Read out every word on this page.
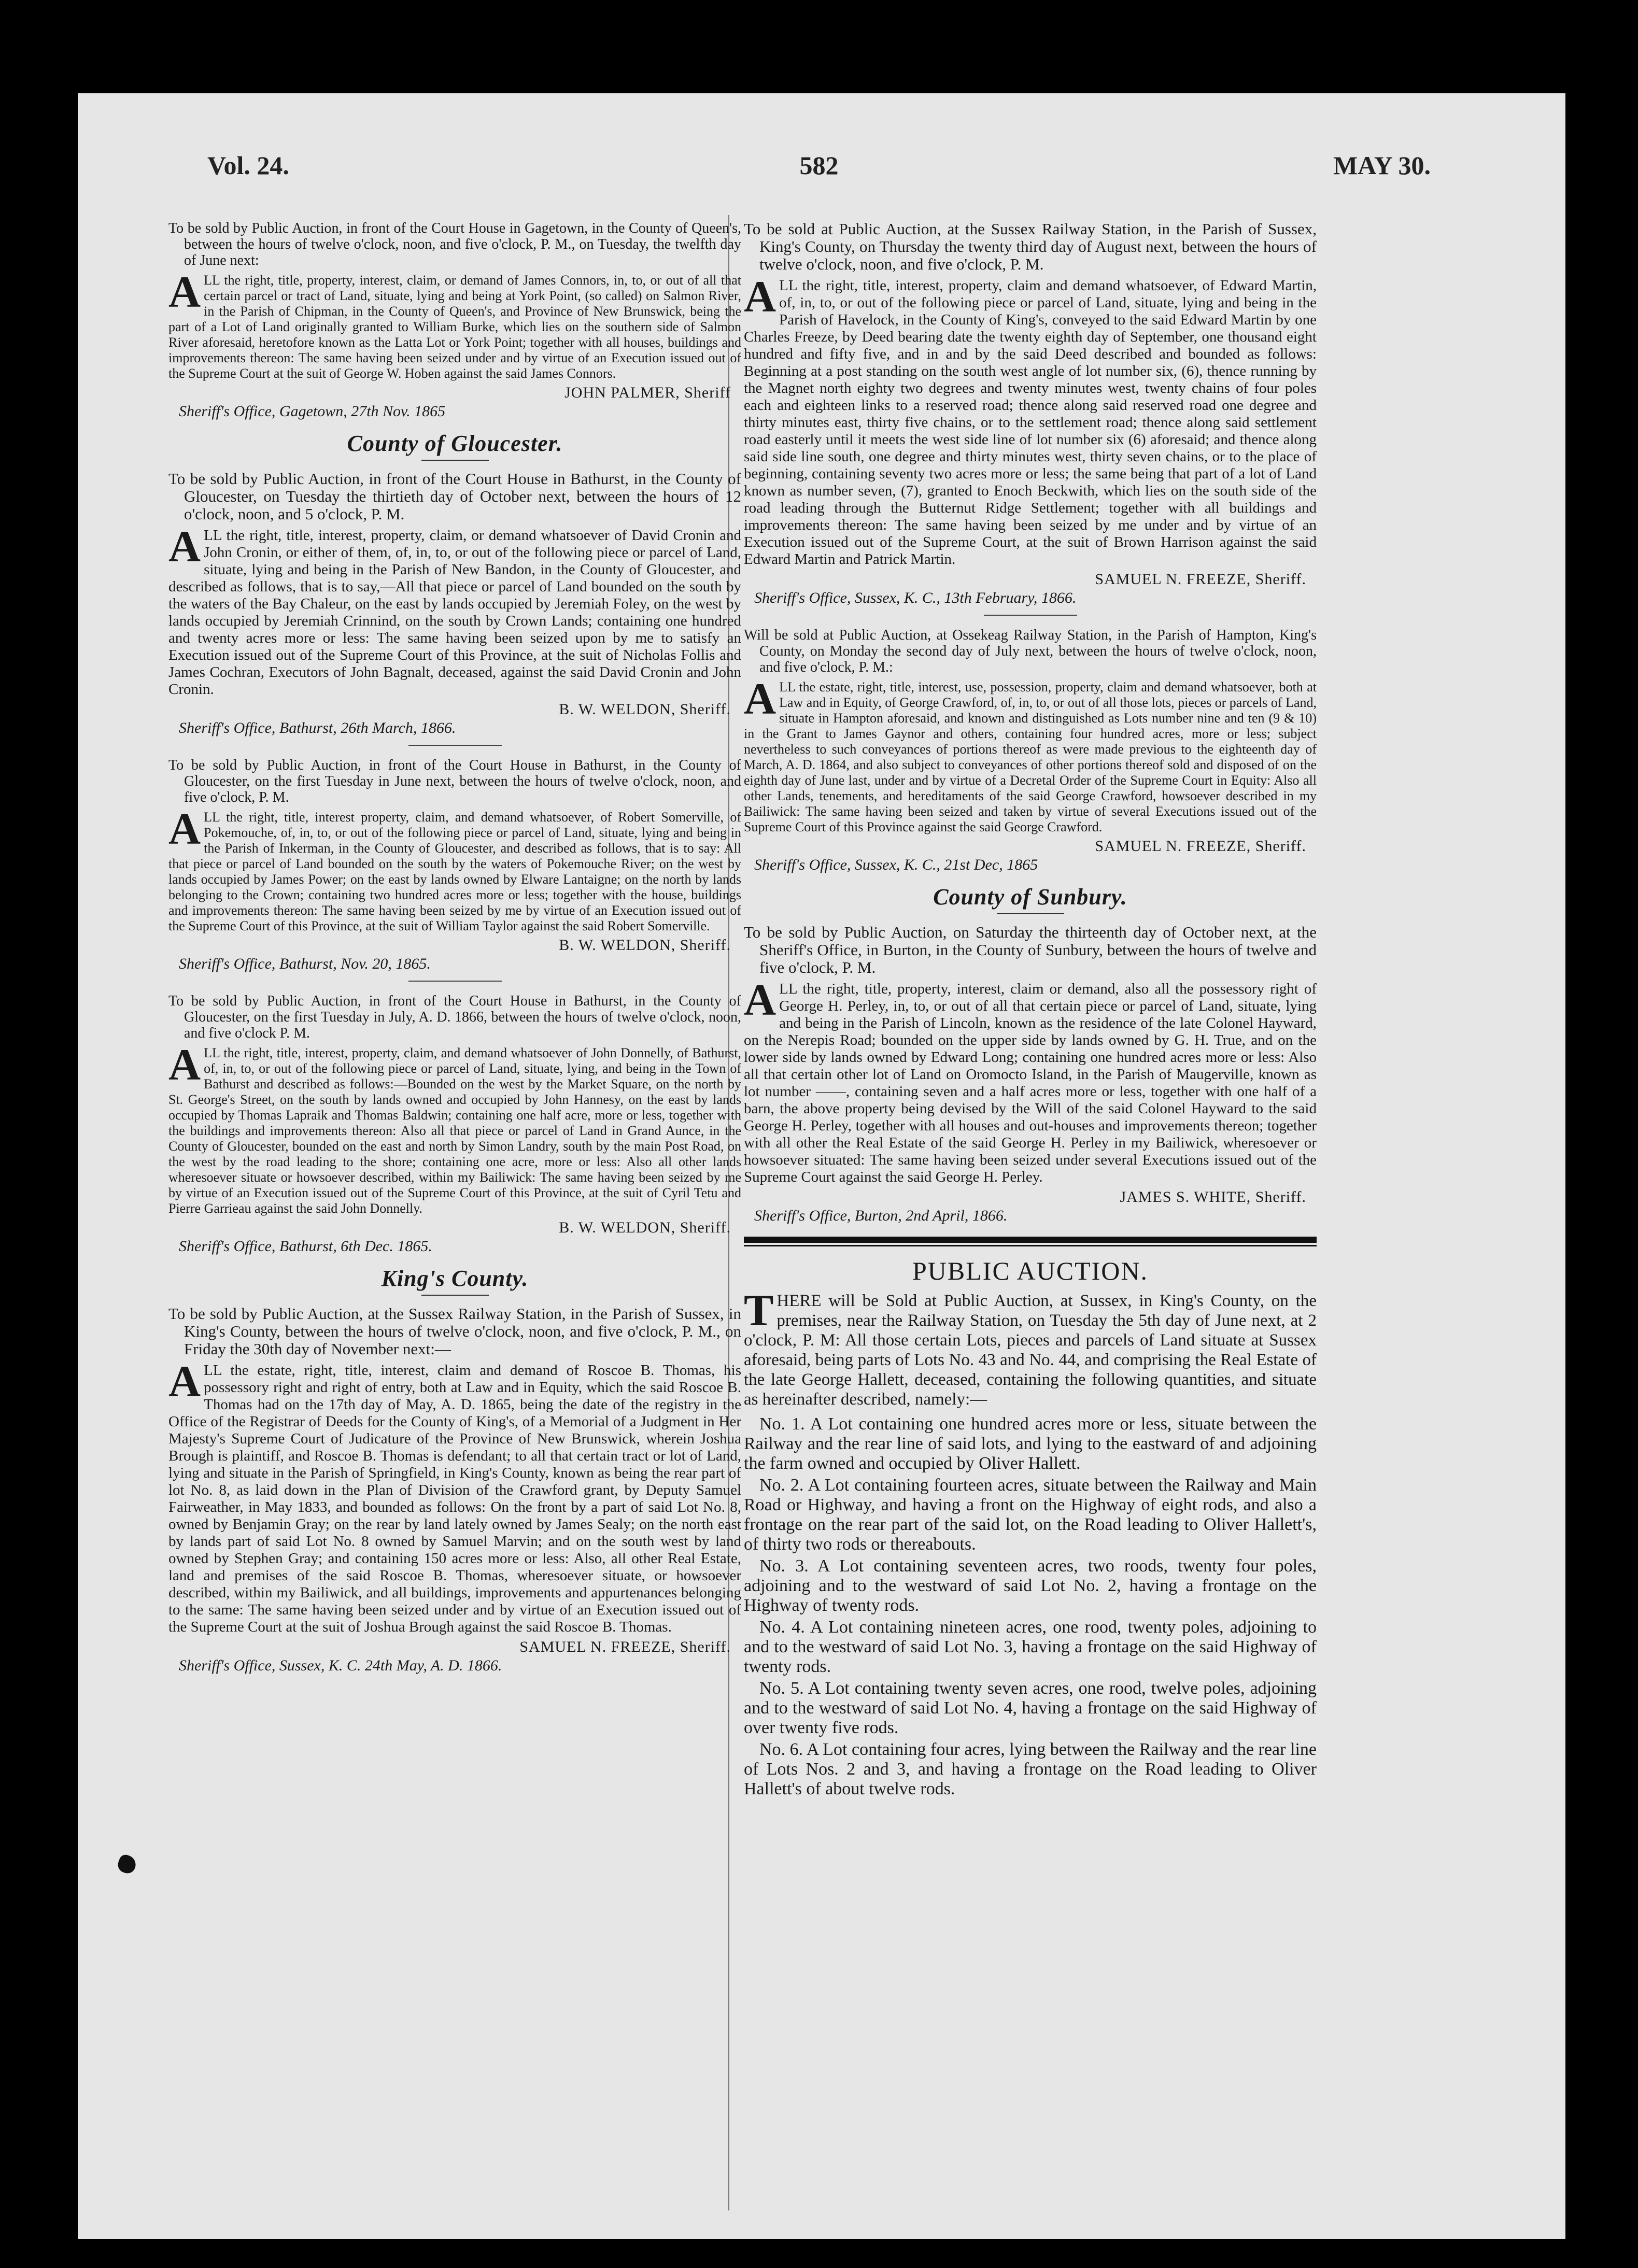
Vol. 24.	582	MAY 30.

To be sold by Public Auction, in front of the Court House in Gagetown, in the County of Queen's, between the hours of twelve o'clock, noon, and five o'clock, P. M., on Tuesday, the twelfth day of June next:

ALL the right, title, property, interest, claim, or demand of James Connors, in, to, or out of all that certain parcel or tract of Land, situate, lying and being at York Point, (so called) on Salmon River, in the Parish of Chipman, in the County of Queen's, and Province of New Brunswick, being the part of a Lot of Land originally granted to William Burke, which lies on the southern side of Salmon River aforesaid, heretofore known as the Latta Lot or York Point; together with all houses, buildings and improvements thereon: The same having been seized under and by virtue of an Execution issued out of the Supreme Court at the suit of George W. Hoben against the said James Connors.

JOHN PALMER, Sheriff
Sheriff's Office, Gagetown, 27th Nov. 1865
County of Gloucester.

To be sold by Public Auction, in front of the Court House in Bathurst, in the County of Gloucester, on Tuesday the thirtieth day of October next, between the hours of 12 o'clock, noon, and 5 o'clock, P. M.

ALL the right, title, interest, property, claim, or demand whatsoever of David Cronin and John Cronin, or either of them, of, in, to, or out of the following piece or parcel of Land, situate, lying and being in the Parish of New Bandon, in the County of Gloucester, and described as follows, that is to say,—All that piece or parcel of Land bounded on the south by the waters of the Bay Chaleur, on the east by lands occupied by Jeremiah Foley, on the west by lands occupied by Jeremiah Crinnind, on the south by Crown Lands; containing one hundred and twenty acres more or less: The same having been seized upon by me to satisfy an Execution issued out of the Supreme Court of this Province, at the suit of Nicholas Follis and James Cochran, Executors of John Bagnalt, deceased, against the said David Cronin and John Cronin.

B. W. WELDON, Sheriff.
Sheriff's Office, Bathurst, 26th March, 1866.

To be sold by Public Auction, in front of the Court House in Bathurst, in the County of Gloucester, on the first Tuesday in June next, between the hours of twelve o'clock, noon, and five o'clock, P. M.

ALL the right, title, interest property, claim, and demand whatsoever, of Robert Somerville, of Pokemouche, of, in, to, or out of the following piece or parcel of Land, situate, lying and being in the Parish of Inkerman, in the County of Gloucester, and described as follows, that is to say: All that piece or parcel of Land bounded on the south by the waters of Pokemouche River; on the west by lands occupied by James Power; on the east by lands owned by Elware Lantaigne; on the north by lands belonging to the Crown; containing two hundred acres more or less; together with the house, buildings and improvements thereon: The same having been seized by me by virtue of an Execution issued out of the Supreme Court of this Province, at the suit of William Taylor against the said Robert Somerville.

B. W. WELDON, Sheriff.
Sheriff's Office, Bathurst, Nov. 20, 1865.

To be sold by Public Auction, in front of the Court House in Bathurst, in the County of Gloucester, on the first Tuesday in July, A. D. 1866, between the hours of twelve o'clock, noon, and five o'clock P. M.

ALL the right, title, interest, property, claim, and demand whatsoever of John Donnelly, of Bathurst, of, in, to, or out of the following piece or parcel of Land, situate, lying, and being in the Town of Bathurst and described as follows:—Bounded on the west by the Market Square, on the north by St. George's Street, on the south by lands owned and occupied by John Hannesy, on the east by lands occupied by Thomas Lapraik and Thomas Baldwin; containing one half acre, more or less, together with the buildings and improvements thereon: Also all that piece or parcel of Land in Grand Aunce, in the County of Gloucester, bounded on the east and north by Simon Landry, south by the main Post Road, on the west by the road leading to the shore; containing one acre, more or less: Also all other lands wheresoever situate or howsoever described, within my Bailiwick: The same having been seized by me by virtue of an Execution issued out of the Supreme Court of this Province, at the suit of Cyril Tetu and Pierre Garrieau against the said John Donnelly.

B. W. WELDON, Sheriff.
Sheriff's Office, Bathurst, 6th Dec. 1865.
King's County.

To be sold by Public Auction, at the Sussex Railway Station, in the Parish of Sussex, in King's County, between the hours of twelve o'clock, noon, and five o'clock, P. M., on Friday the 30th day of November next:—

ALL the estate, right, title, interest, claim and demand of Roscoe B. Thomas, his possessory right and right of entry, both at Law and in Equity, which the said Roscoe B. Thomas had on the 17th day of May, A. D. 1865, being the date of the registry in the Office of the Registrar of Deeds for the County of King's, of a Memorial of a Judgment in Her Majesty's Supreme Court of Judicature of the Province of New Brunswick, wherein Joshua Brough is plaintiff, and Roscoe B. Thomas is defendant; to all that certain tract or lot of Land, lying and situate in the Parish of Springfield, in King's County, known as being the rear part of lot No. 8, as laid down in the Plan of Division of the Crawford grant, by Deputy Samuel Fairweather, in May 1833, and bounded as follows: On the front by a part of said Lot No. 8, owned by Benjamin Gray; on the rear by land lately owned by James Sealy; on the north east by lands part of said Lot No. 8 owned by Samuel Marvin; and on the south west by land owned by Stephen Gray; and containing 150 acres more or less: Also, all other Real Estate, land and premises of the said Roscoe B. Thomas, wheresoever situate, or howsoever described, within my Bailiwick, and all buildings, improvements and appurtenances belonging to the same: The same having been seized under and by virtue of an Execution issued out of the Supreme Court at the suit of Joshua Brough against the said Roscoe B. Thomas.

SAMUEL N. FREEZE, Sheriff.
Sheriff's Office, Sussex, K. C. 24th May, A. D. 1866.

To be sold at Public Auction, at the Sussex Railway Station, in the Parish of Sussex, King's County, on Thursday the twenty third day of August next, between the hours of twelve o'clock, noon, and five o'clock, P. M.

ALL the right, title, interest, property, claim and demand whatsoever, of Edward Martin, of, in, to, or out of the following piece or parcel of Land, situate, lying and being in the Parish of Havelock, in the County of King's, conveyed to the said Edward Martin by one Charles Freeze, by Deed bearing date the twenty eighth day of September, one thousand eight hundred and fifty five, and in and by the said Deed described and bounded as follows: Beginning at a post standing on the south west angle of lot number six, (6), thence running by the Magnet north eighty two degrees and twenty minutes west, twenty chains of four poles each and eighteen links to a reserved road; thence along said reserved road one degree and thirty minutes east, thirty five chains, or to the settlement road; thence along said settlement road easterly until it meets the west side line of lot number six (6) aforesaid; and thence along said side line south, one degree and thirty minutes west, thirty seven chains, or to the place of beginning, containing seventy two acres more or less; the same being that part of a lot of Land known as number seven, (7), granted to Enoch Beckwith, which lies on the south side of the road leading through the Butternut Ridge Settlement; together with all buildings and improvements thereon: The same having been seized by me under and by virtue of an Execution issued out of the Supreme Court, at the suit of Brown Harrison against the said Edward Martin and Patrick Martin.

SAMUEL N. FREEZE, Sheriff.
Sheriff's Office, Sussex, K. C., 13th February, 1866.

Will be sold at Public Auction, at Ossekeag Railway Station, in the Parish of Hampton, King's County, on Monday the second day of July next, between the hours of twelve o'clock, noon, and five o'clock, P. M.:

ALL the estate, right, title, interest, use, possession, property, claim and demand whatsoever, both at Law and in Equity, of George Crawford, of, in, to, or out of all those lots, pieces or parcels of Land, situate in Hampton aforesaid, and known and distinguished as Lots number nine and ten (9 & 10) in the Grant to James Gaynor and others, containing four hundred acres, more or less; subject nevertheless to such conveyances of portions thereof as were made previous to the eighteenth day of March, A. D. 1864, and also subject to conveyances of other portions thereof sold and disposed of on the eighth day of June last, under and by virtue of a Decretal Order of the Supreme Court in Equity: Also all other Lands, tenements, and hereditaments of the said George Crawford, howsoever described in my Bailiwick: The same having been seized and taken by virtue of several Executions issued out of the Supreme Court of this Province against the said George Crawford.

SAMUEL N. FREEZE, Sheriff.
Sheriff's Office, Sussex, K. C., 21st Dec, 1865
County of Sunbury.

To be sold by Public Auction, on Saturday the thirteenth day of October next, at the Sheriff's Office, in Burton, in the County of Sunbury, between the hours of twelve and five o'clock, P. M.

ALL the right, title, property, interest, claim or demand, also all the possessory right of George H. Perley, in, to, or out of all that certain piece or parcel of Land, situate, lying and being in the Parish of Lincoln, known as the residence of the late Colonel Hayward, on the Nerepis Road; bounded on the upper side by lands owned by G. H. True, and on the lower side by lands owned by Edward Long; containing one hundred acres more or less: Also all that certain other lot of Land on Oromocto Island, in the Parish of Maugerville, known as lot number ——, containing seven and a half acres more or less, together with one half of a barn, the above property being devised by the Will of the said Colonel Hayward to the said George H. Perley, together with all houses and out-houses and improvements thereon; together with all other the Real Estate of the said George H. Perley in my Bailiwick, wheresoever or howsoever situated: The same having been seized under several Executions issued out of the Supreme Court against the said George H. Perley.

JAMES S. WHITE, Sheriff.
Sheriff's Office, Burton, 2nd April, 1866.
PUBLIC AUCTION.

THERE will be Sold at Public Auction, at Sussex, in King's County, on the premises, near the Railway Station, on Tuesday the 5th day of June next, at 2 o'clock, P. M: All those certain Lots, pieces and parcels of Land situate at Sussex aforesaid, being parts of Lots No. 43 and No. 44, and comprising the Real Estate of the late George Hallett, deceased, containing the following quantities, and situate as hereinafter described, namely:—

No. 1. A Lot containing one hundred acres more or less, situate between the Railway and the rear line of said lots, and lying to the eastward of and adjoining the farm owned and occupied by Oliver Hallett.

No. 2. A Lot containing fourteen acres, situate between the Railway and Main Road or Highway, and having a front on the Highway of eight rods, and also a frontage on the rear part of the said lot, on the Road leading to Oliver Hallett's, of thirty two rods or thereabouts.

No. 3. A Lot containing seventeen acres, two roods, twenty four poles, adjoining and to the westward of said Lot No. 2, having a frontage on the Highway of twenty rods.

No. 4. A Lot containing nineteen acres, one rood, twenty poles, adjoining to and to the westward of said Lot No. 3, having a frontage on the said Highway of twenty rods.

No. 5. A Lot containing twenty seven acres, one rood, twelve poles, adjoining and to the westward of said Lot No. 4, having a frontage on the said Highway of over twenty five rods.

No. 6. A Lot containing four acres, lying between the Railway and the rear line of Lots Nos. 2 and 3, and having a frontage on the Road leading to Oliver Hallett's of about twelve rods.
